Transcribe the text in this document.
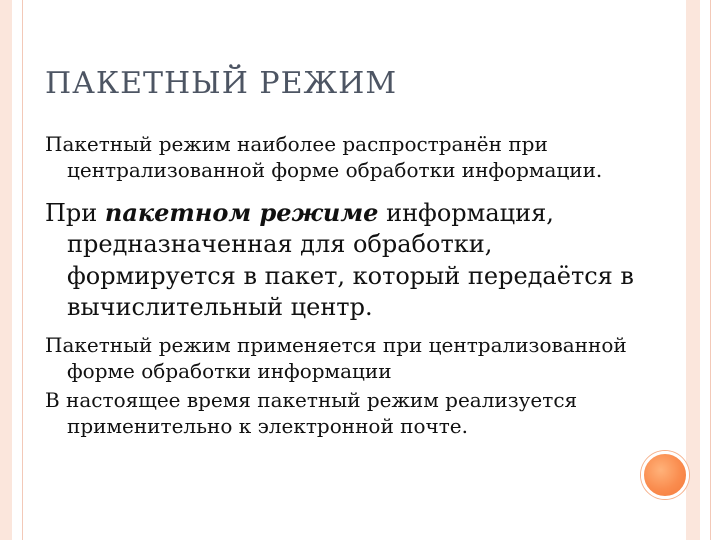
ПАКЕТНЫЙ РЕЖИМ

Пакетный режим наиболее распространён при централизованной форме обработки информации.

При пакетном режиме информация, предназначенная для обработки, формируется в пакет, который передаётся в вычислительный центр.

Пакетный режим применяется при централизованной форме обработки информации

В настоящее время пакетный режим реализуется применительно к электронной почте.
